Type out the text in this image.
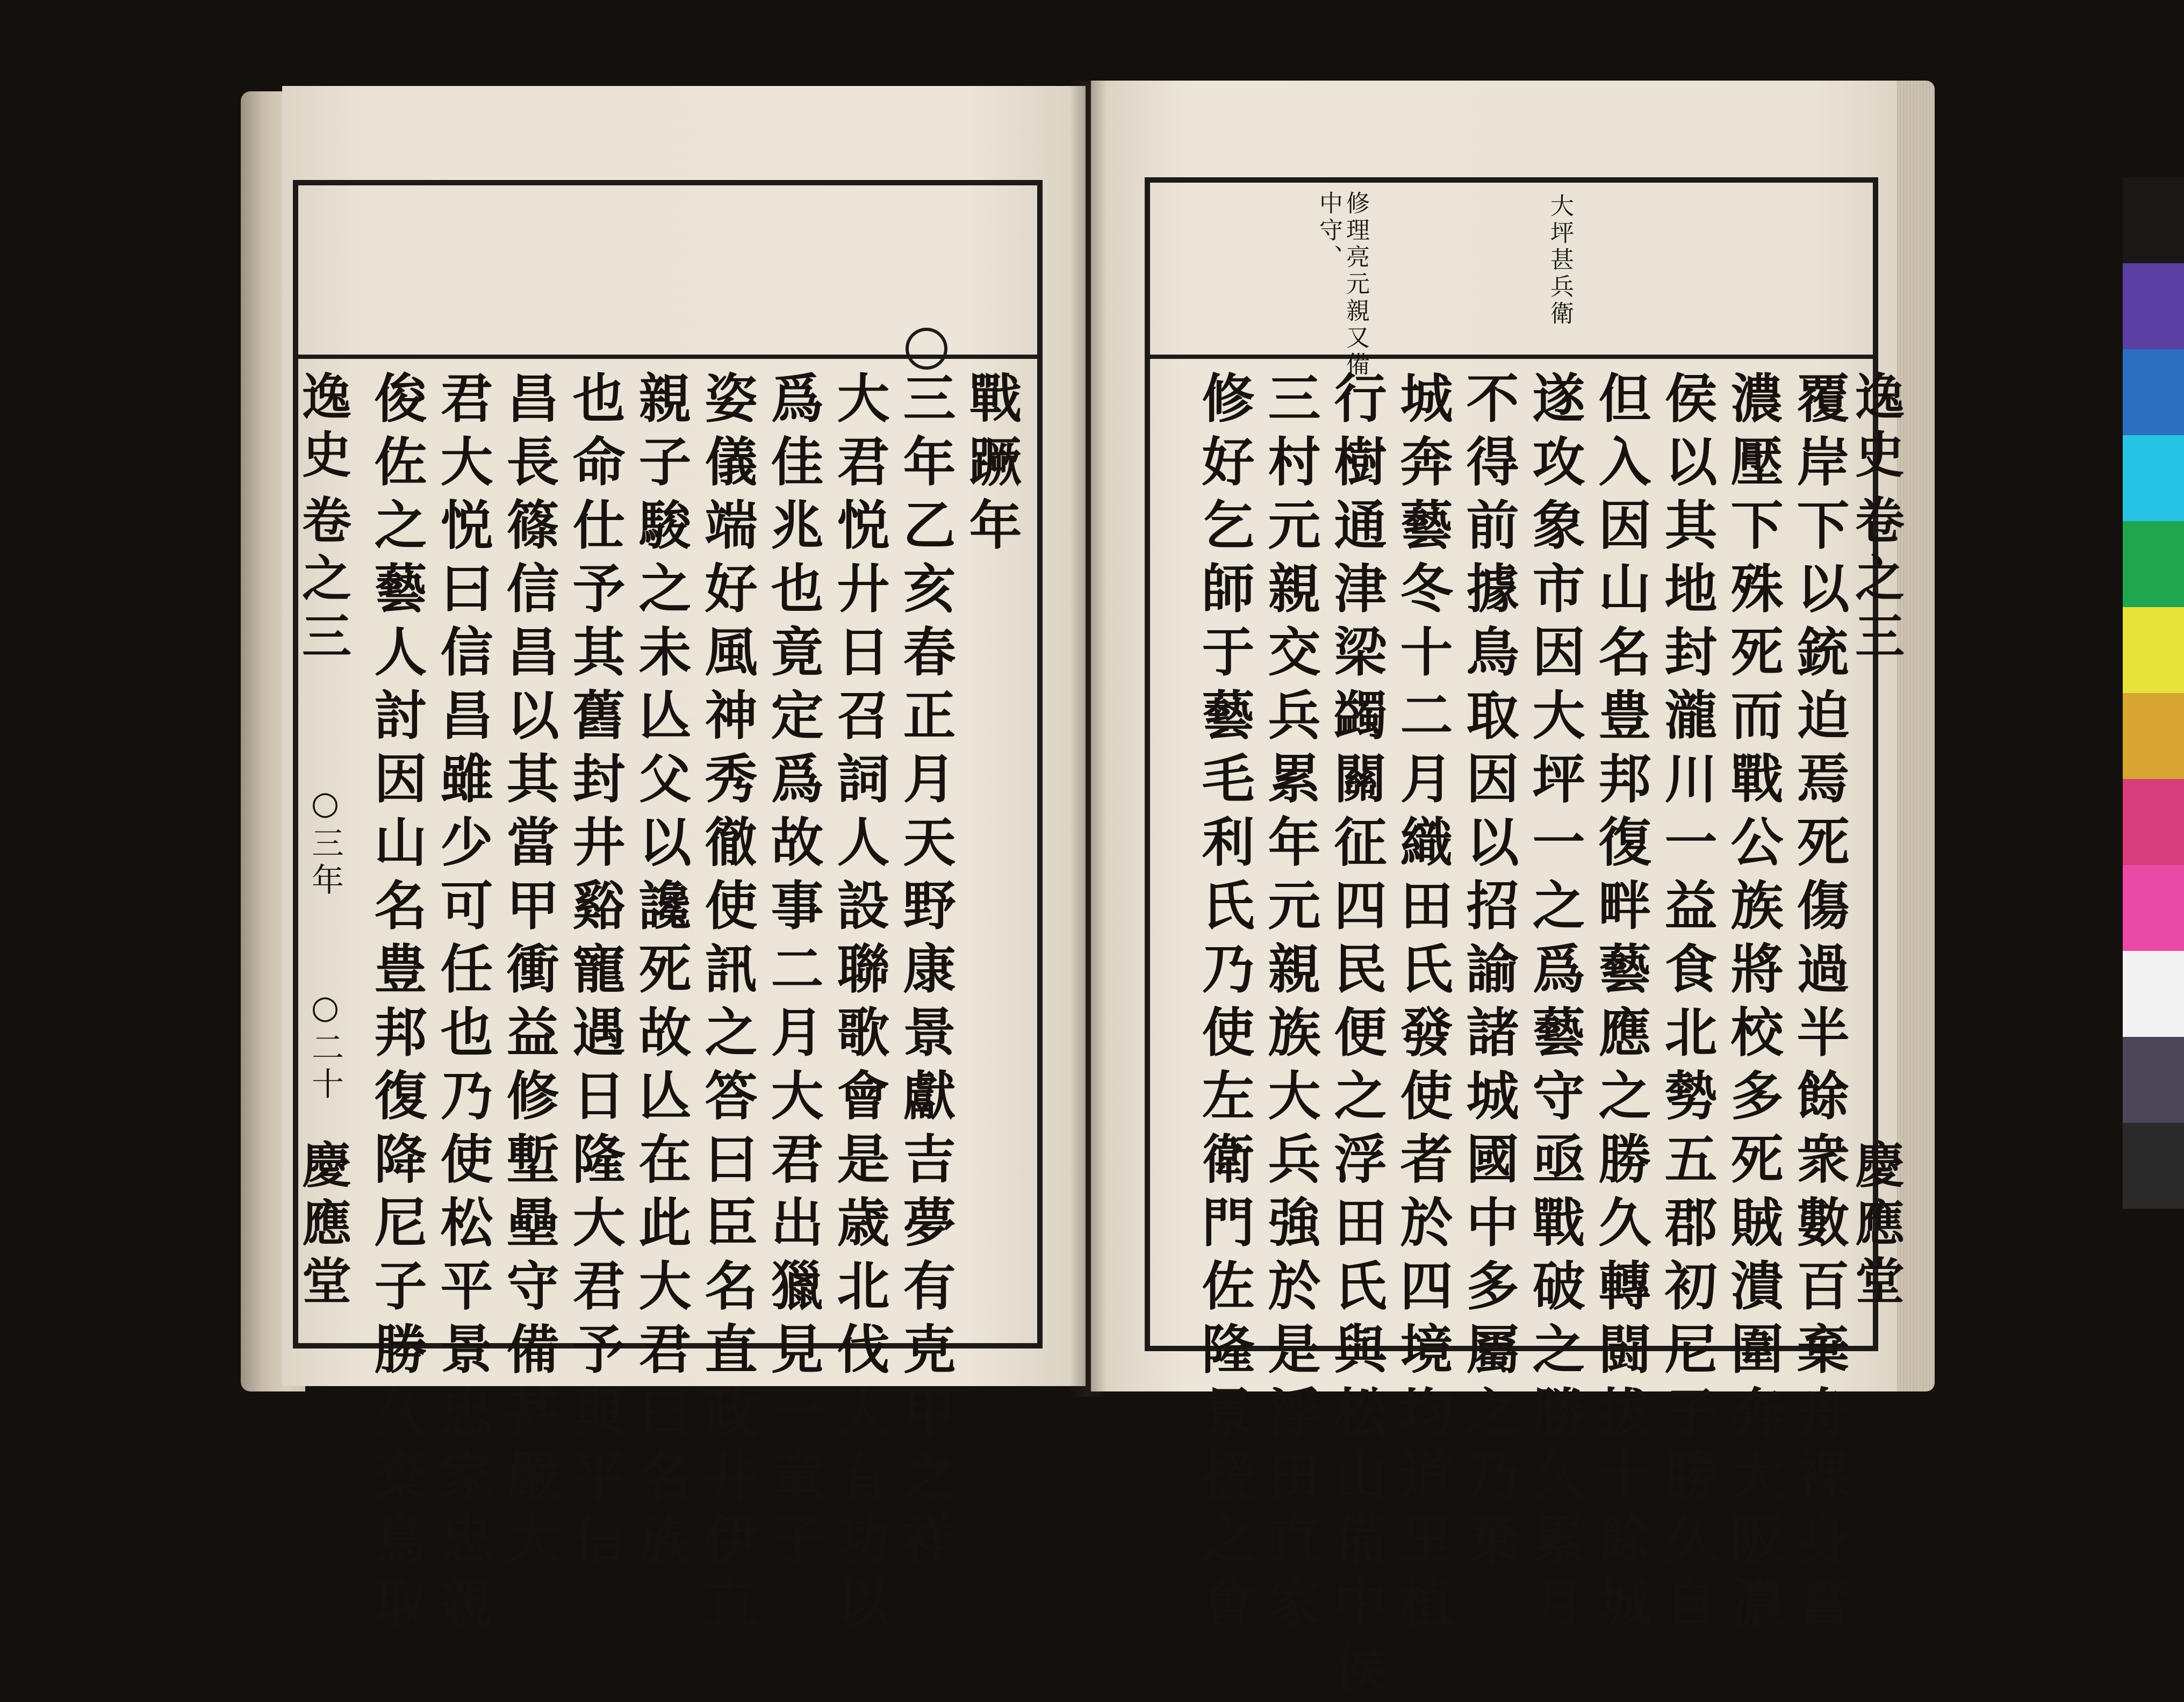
戰蹶年
三年乙亥春正月天野康景獻吉夢有克甲之祥
大君悦廾日召詞人設聯歌會是歳北伐大有功以
爲佳兆也竟定爲故事二月大君出獵見一童子
姿儀端好風神秀徹使訊之答曰臣名直政井伊直
親子駿之未亾父以讒死故亾在此大君曰名族
也命仕予其舊封井谿寵遇日隆大君予與平信
昌長篠信昌以其當甲衝益修塹壘守備甚嚴大
君大悦曰信昌雖少可任也乃使松平景忠家忠親
俊佐之藝人討因山名豊邦復降尼子勝久棄鳥取
逸史
卷之三
○三年
○二十
慶應堂
大坪甚兵衛
修理亮元親又備
中守、
覆岸下以銃迫焉死傷過半餘衆數百棄舟裸身奮
濃壓下殊死而戰公族將校多死賊潰圍奔大阪濃
侯以其地封瀧川一益食北勢五郡初尼子勝久自
但入因山名豊邦復畔藝應之勝久轉闘拔十餘城
遂攻象市因大坪一之爲藝守亟戰破之勝久累月
不得前據鳥取因以招諭諸城國中多屬之乃棄
城奔藝冬十二月織田氏發使者於四境均道里植
行樹通津梁蠲關征四民便之浮田氏與松山備中侯
三村元親交兵累年元親族大兵強於是浮田直家
修好乞師于藝毛利氏乃使左衛門佐隆景援之會	逸史
卷之三
慶應堂
